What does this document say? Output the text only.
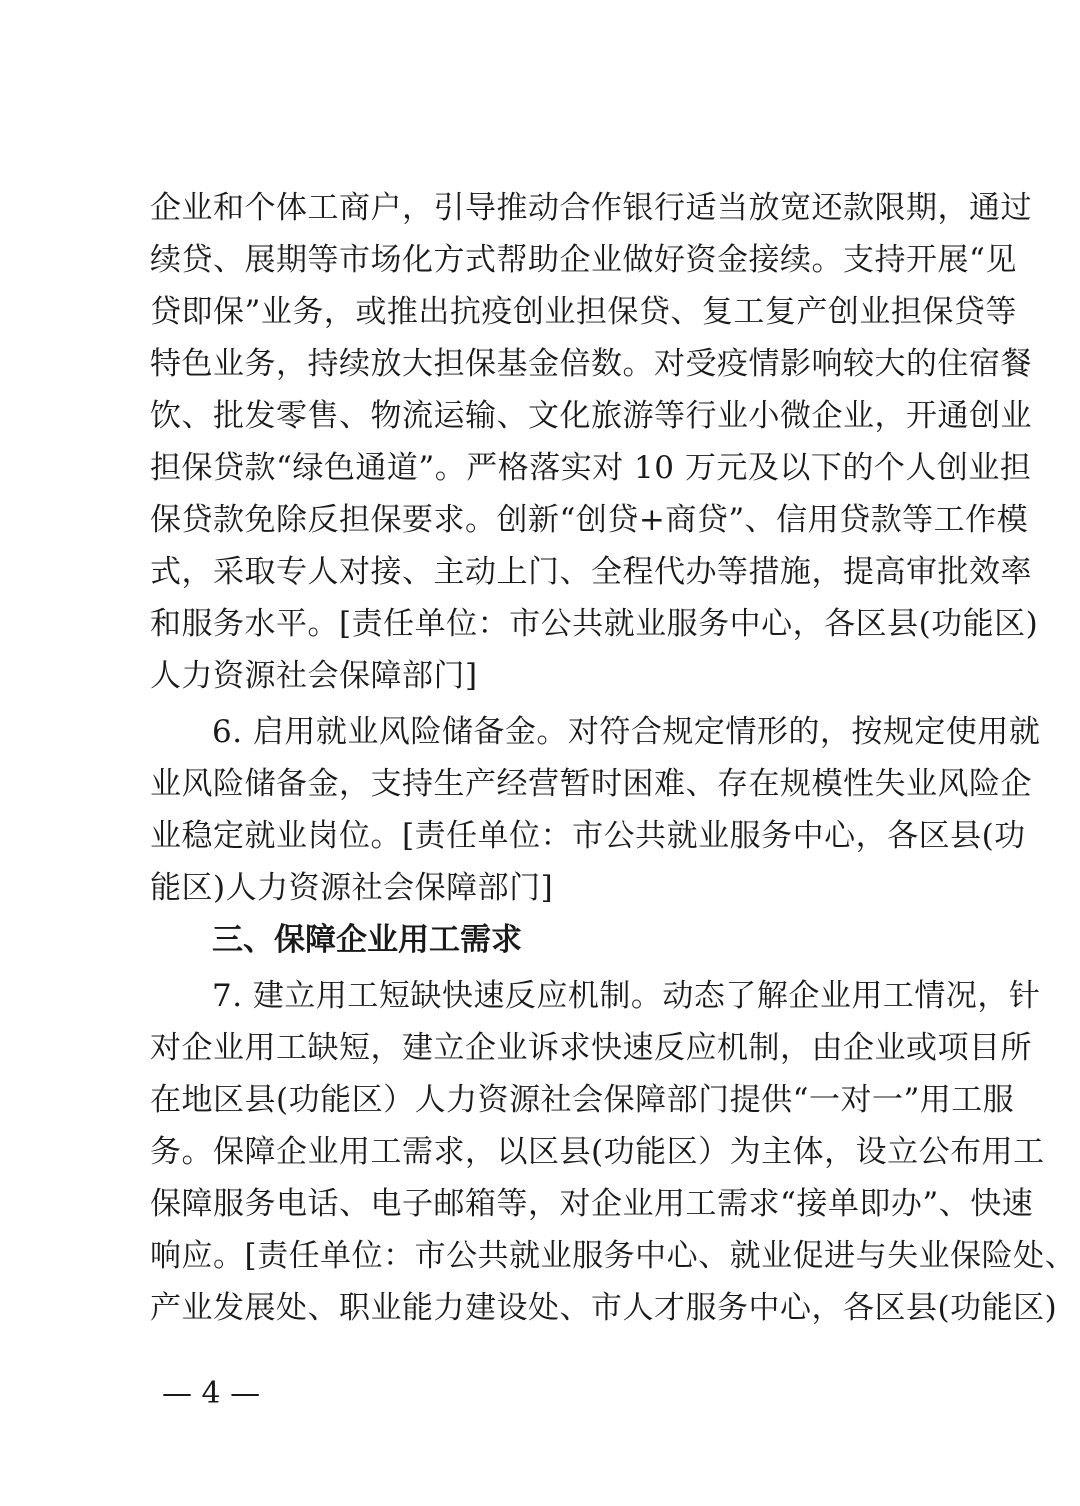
企业和个体工商户，引导推动合作银行适当放宽还款限期，通过
续贷、展期等市场化方式帮助企业做好资金接续。支持开展“见
贷即保”业务，或推出抗疫创业担保贷、复工复产创业担保贷等
特色业务，持续放大担保基金倍数。对受疫情影响较大的住宿餐
饮、批发零售、物流运输、文化旅游等行业小微企业，开通创业
担保贷款“绿色通道”。严格落实对 10 万元及以下的个人创业担
保贷款免除反担保要求。创新“创贷+商贷”、信用贷款等工作模
式，采取专人对接、主动上门、全程代办等措施，提高审批效率
和服务水平。[责任单位：市公共就业服务中心，各区县(功能区)
人力资源社会保障部门]
6. 启用就业风险储备金。对符合规定情形的，按规定使用就
业风险储备金，支持生产经营暂时困难、存在规模性失业风险企
业稳定就业岗位。[责任单位：市公共就业服务中心，各区县(功
能区)人力资源社会保障部门]
三、保障企业用工需求
7. 建立用工短缺快速反应机制。动态了解企业用工情况，针
对企业用工缺短，建立企业诉求快速反应机制，由企业或项目所
在地区县(功能区）人力资源社会保障部门提供“一对一”用工服
务。保障企业用工需求，以区县(功能区）为主体，设立公布用工
保障服务电话、电子邮箱等，对企业用工需求“接单即办”、快速
响应。[责任单位：市公共就业服务中心、就业促进与失业保险处、
产业发展处、职业能力建设处、市人才服务中心，各区县(功能区)
— 4 —
